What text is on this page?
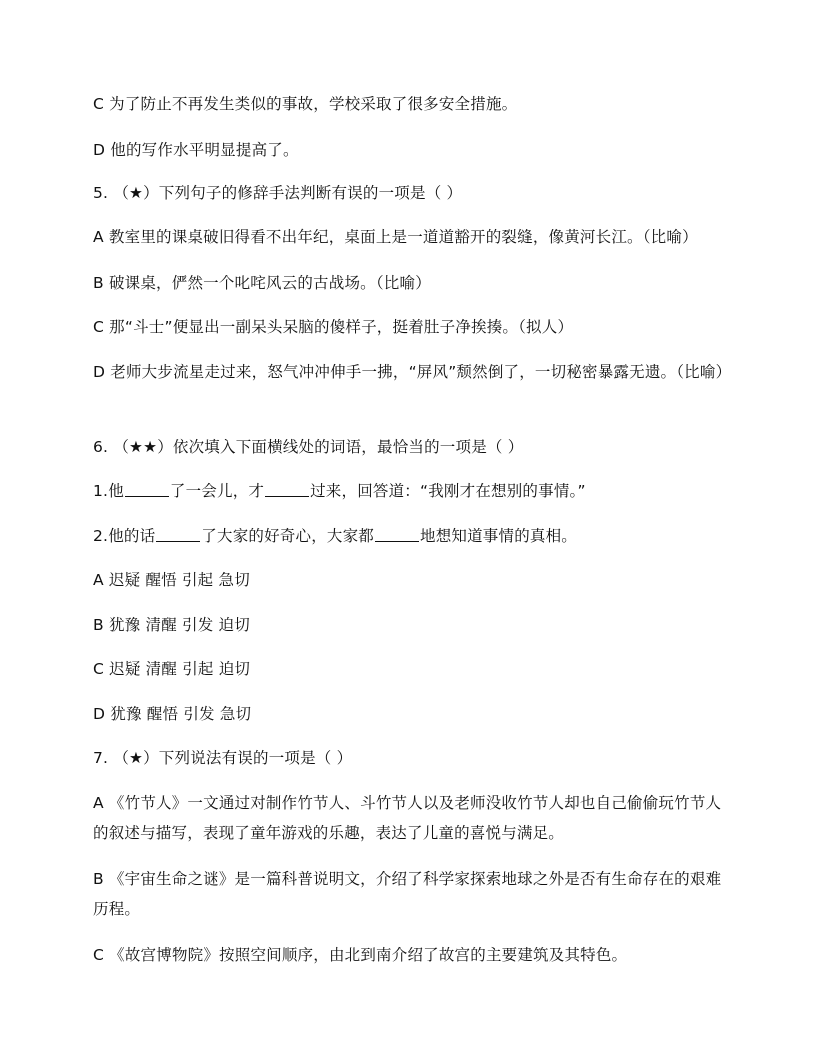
C 为了防止不再发生类似的事故，学校采取了很多安全措施。
D 他的写作水平明显提高了。
5. （★）下列句子的修辞手法判断有误的一项是（ ）
A 教室里的课桌破旧得看不出年纪，桌面上是一道道豁开的裂缝，像黄河长江。（比喻）
B 破课桌，俨然一个叱咤风云的古战场。（比喻）
C 那“斗士”便显出一副呆头呆脑的傻样子，挺着肚子净挨揍。（拟人）
D 老师大步流星走过来，怒气冲冲伸手一拂，“屏风”颓然倒了，一切秘密暴露无遗。（比喻）
6. （★★）依次填入下面横线处的词语，最恰当的一项是（ ）
1.他	了一会儿，才	过来，回答道：“我刚才在想别的事情。”
2.他的话	了大家的好奇心，大家都	地想知道事情的真相。
A 迟疑 醒悟 引起 急切
B 犹豫 清醒 引发 迫切
C 迟疑 清醒 引起 迫切
D 犹豫 醒悟 引发 急切
7. （★）下列说法有误的一项是（ ）
A 《竹节人》一文通过对制作竹节人、斗竹节人以及老师没收竹节人却也自己偷偷玩竹节人的叙述与描写，表现了童年游戏的乐趣，表达了儿童的喜悦与满足。
B 《宇宙生命之谜》是一篇科普说明文，介绍了科学家探索地球之外是否有生命存在的艰难历程。
C 《故宫博物院》按照空间顺序，由北到南介绍了故宫的主要建筑及其特色。
